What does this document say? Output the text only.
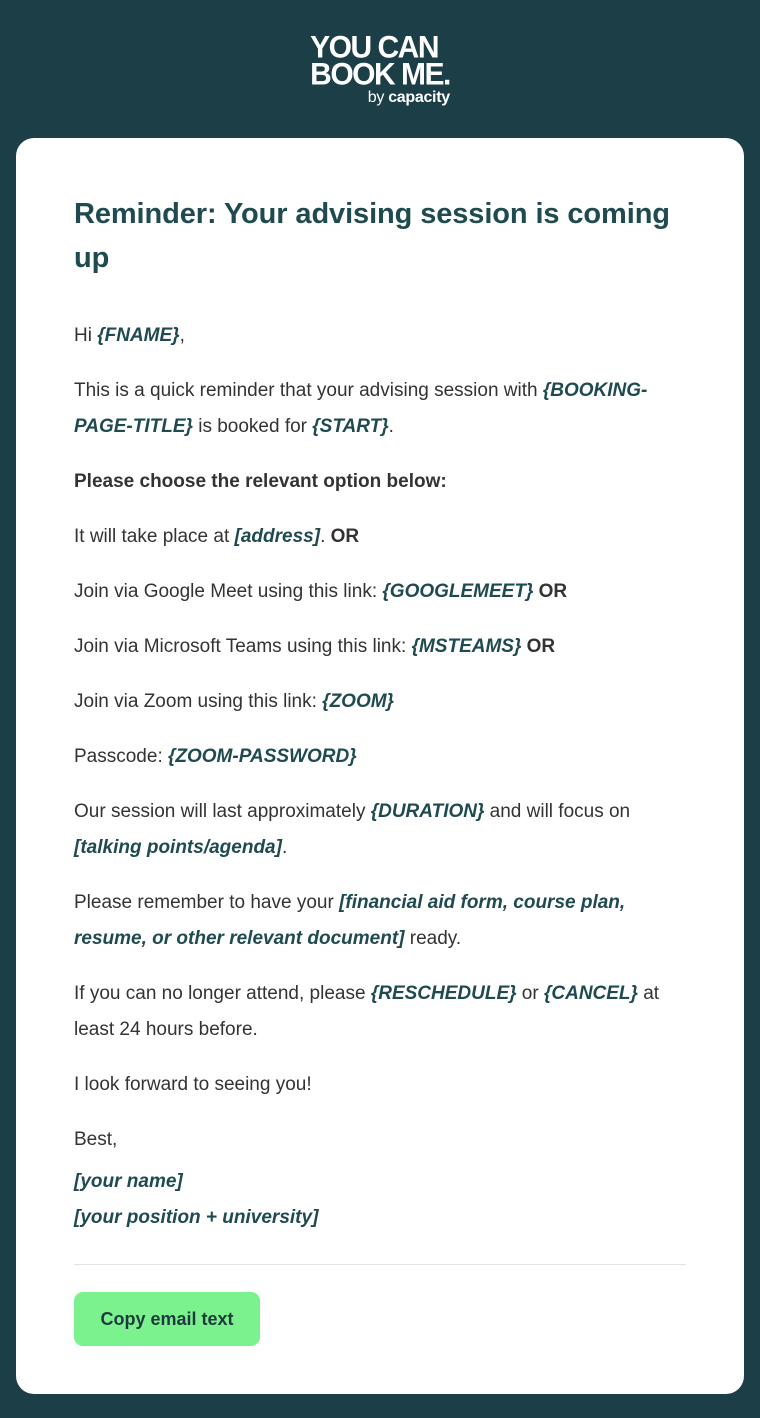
YOU CAN
BOOK ME.
by capacity
Reminder: Your advising session is coming up

Hi {FNAME},

This is a quick reminder that your advising session with {BOOKING-PAGE-TITLE} is booked for {START}.

Please choose the relevant option below:

It will take place at [address]. OR

Join via Google Meet using this link: {GOOGLEMEET} OR

Join via Microsoft Teams using this link: {MSTEAMS} OR

Join via Zoom using this link: {ZOOM}

Passcode: {ZOOM-PASSWORD}

Our session will last approximately {DURATION} and will focus on [talking points/agenda].

Please remember to have your [financial aid form, course plan, resume, or other relevant document] ready.

If you can no longer attend, please {RESCHEDULE} or {CANCEL} at least 24 hours before.

I look forward to seeing you!

Best,

[your name]

[your position + university]

Copy email text
